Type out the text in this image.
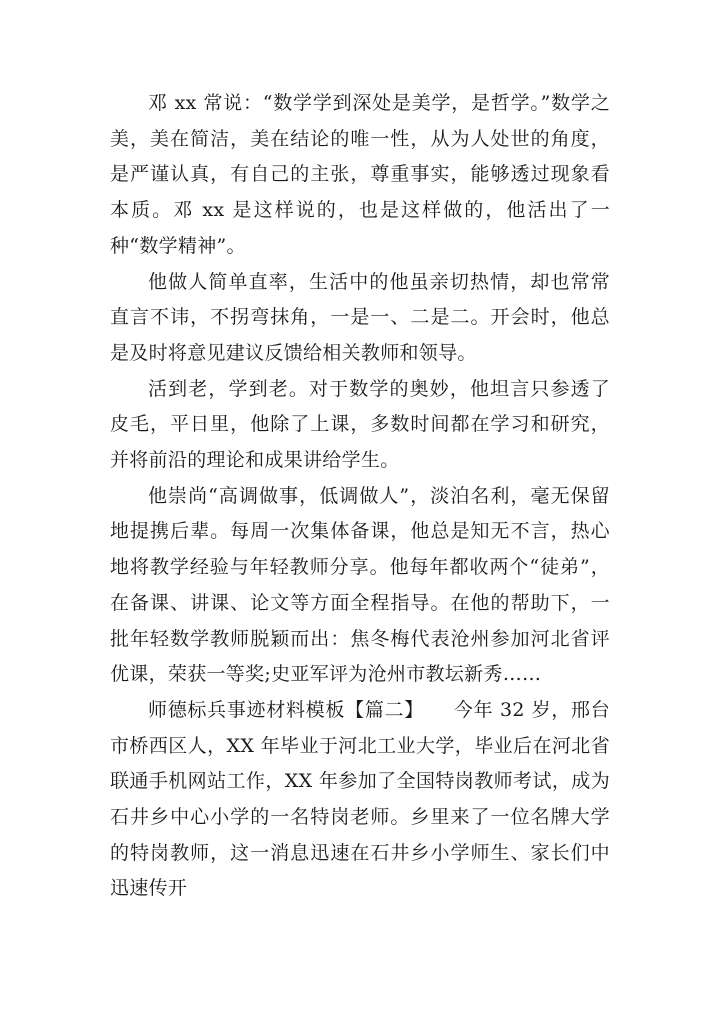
邓 xx 常说：“数学学到深处是美学，是哲学。”数学之美，美在简洁，美在结论的唯一性，从为人处世的角度，是严谨认真，有自己的主张，尊重事实，能够透过现象看本质。邓 xx 是这样说的，也是这样做的，他活出了一种“数学精神”。

他做人简单直率，生活中的他虽亲切热情，却也常常直言不讳，不拐弯抹角，一是一、二是二。开会时，他总是及时将意见建议反馈给相关教师和领导。

活到老，学到老。对于数学的奥妙，他坦言只参透了皮毛，平日里，他除了上课，多数时间都在学习和研究，并将前沿的理论和成果讲给学生。

他崇尚“高调做事，低调做人”，淡泊名利，毫无保留地提携后辈。每周一次集体备课，他总是知无不言，热心地将教学经验与年轻教师分享。他每年都收两个“徒弟”，在备课、讲课、论文等方面全程指导。在他的帮助下，一批年轻数学教师脱颖而出：焦冬梅代表沧州参加河北省评优课，荣获一等奖;史亚军评为沧州市教坛新秀……

师德标兵事迹材料模板【篇二】　　今年 32 岁，邢台市桥西区人，XX 年毕业于河北工业大学，毕业后在河北省联通手机网站工作，XX 年参加了全国特岗教师考试，成为石井乡中心小学的一名特岗老师。乡里来了一位名牌大学的特岗教师，这一消息迅速在石井乡小学师生、家长们中迅速传开
